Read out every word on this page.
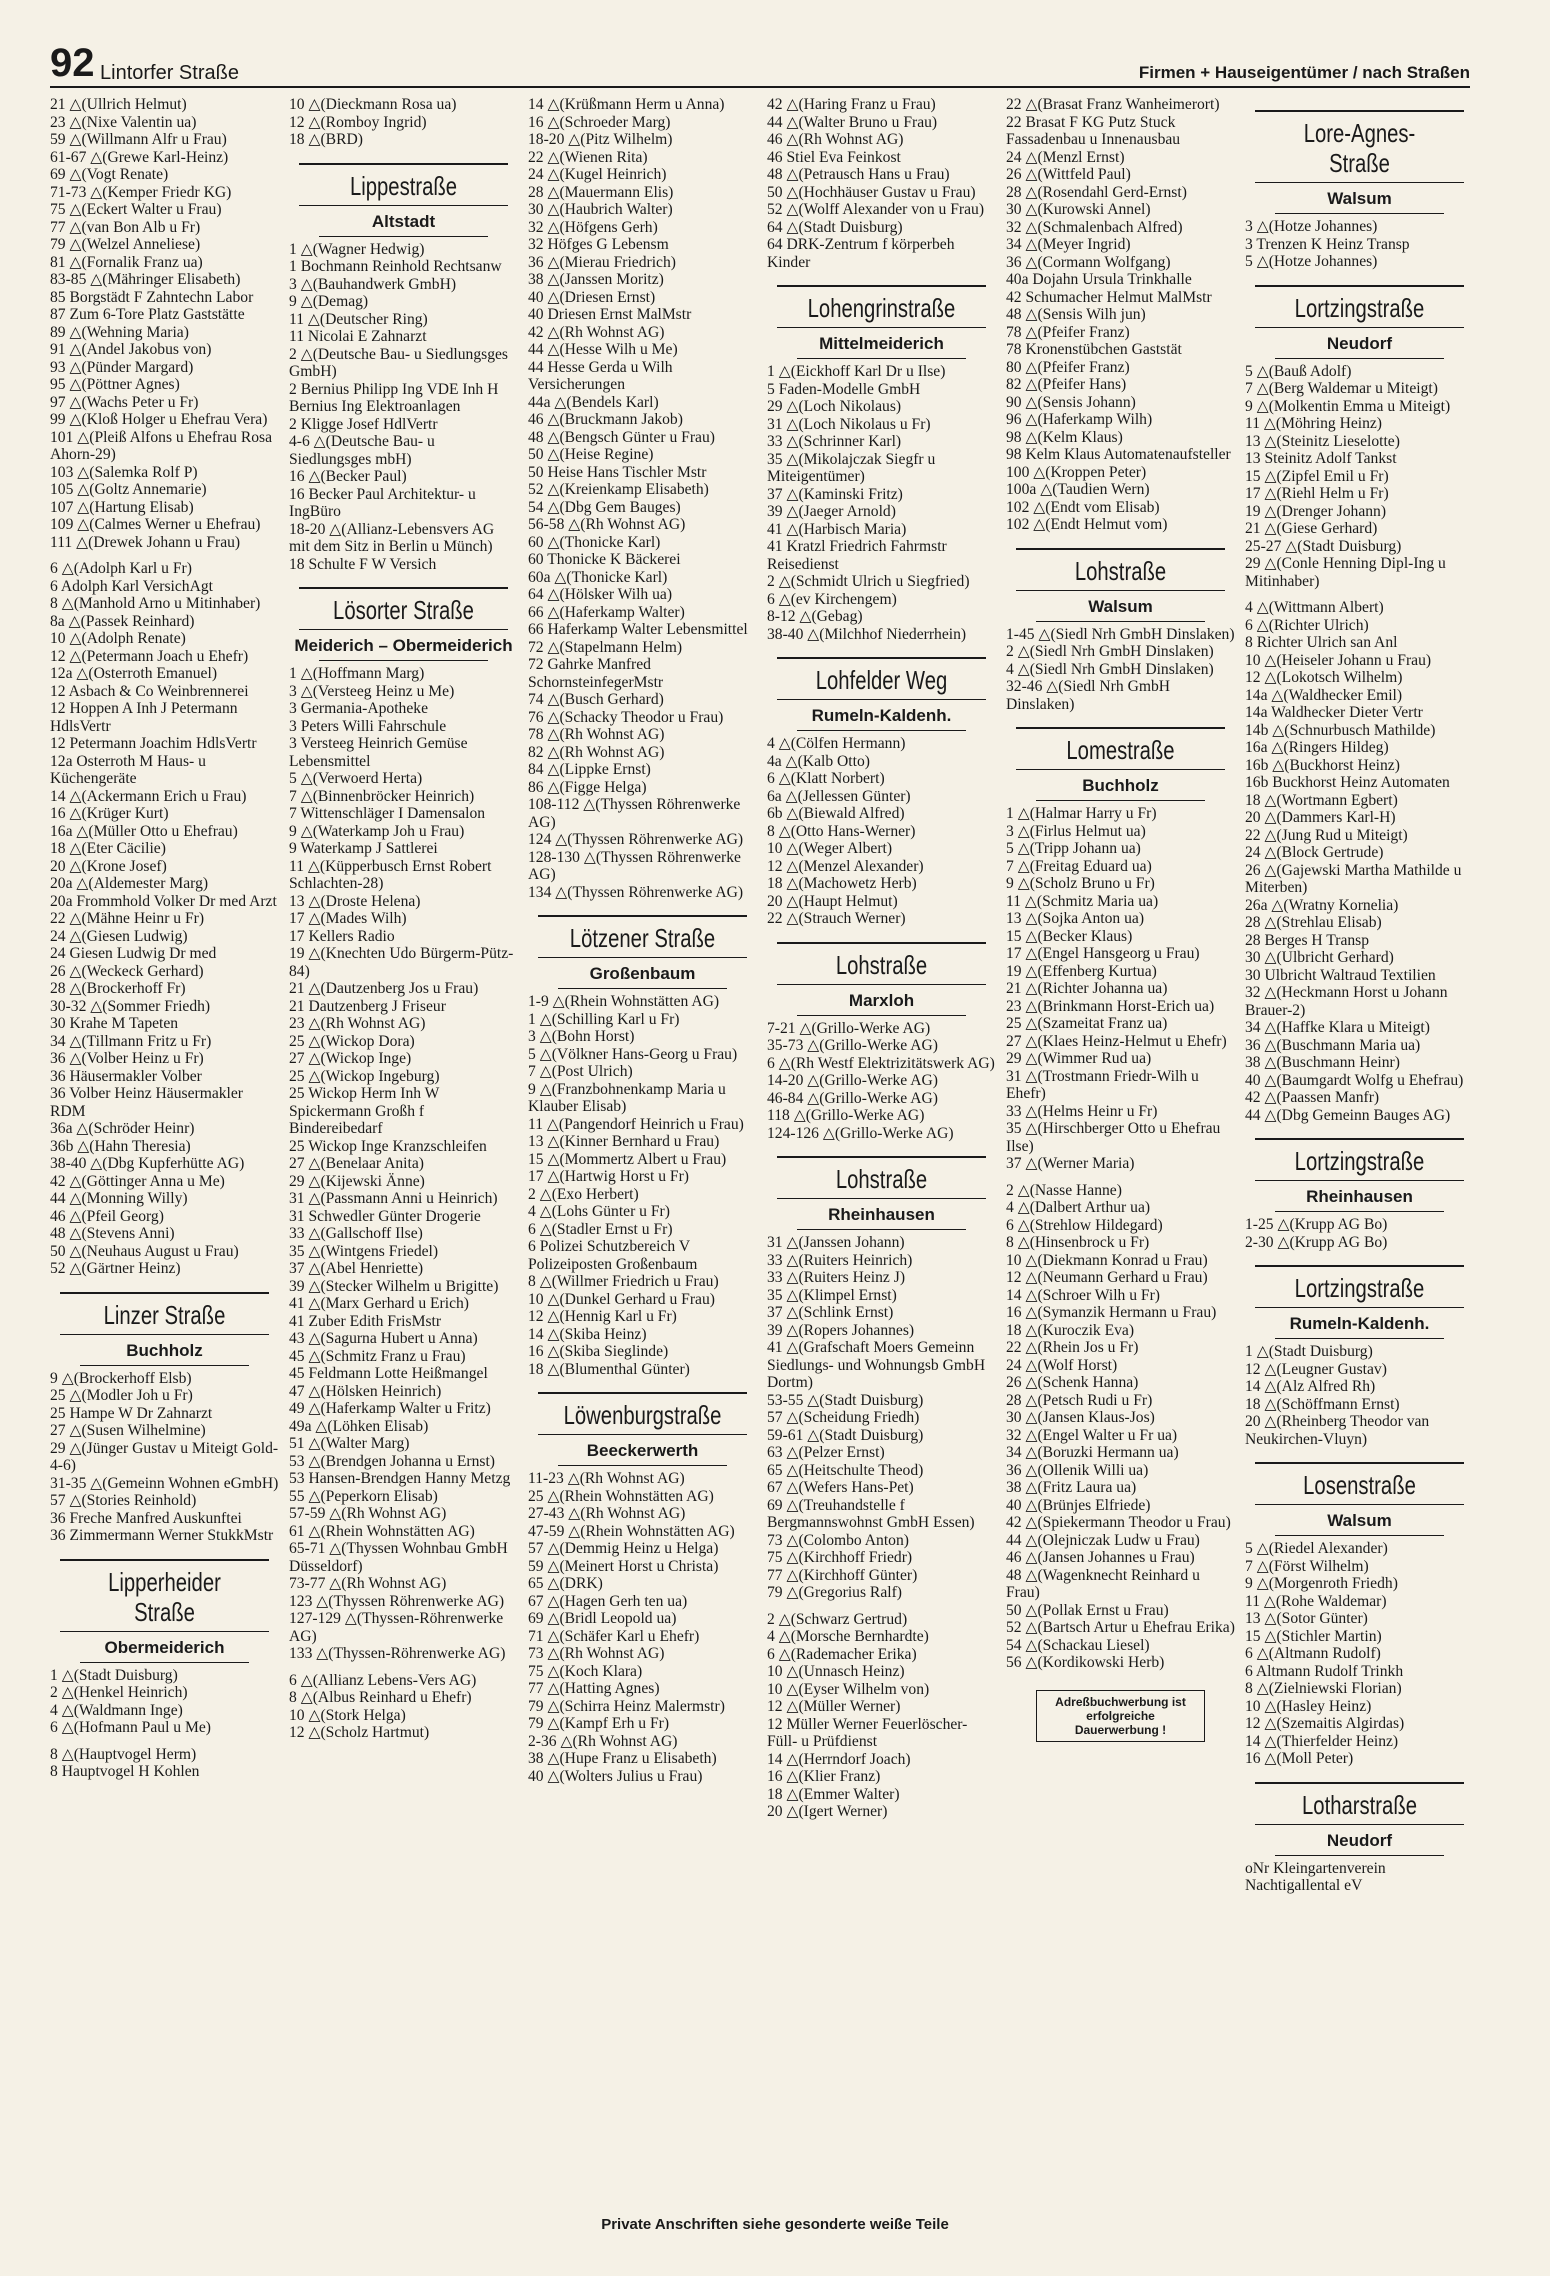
92 Lintorfer Straße	Firmen + Hauseigentümer / nach Straßen
21 △(Ullrich Helmut)
23 △(Nixe Valentin ua)
59 △(Willmann Alfr u Frau)
61-67 △(Grewe Karl-Heinz)
69 △(Vogt Renate)
71-73 △(Kemper Friedr KG)
75 △(Eckert Walter u Frau)
77 △(van Bon Alb u Fr)
79 △(Welzel Anneliese)
81 △(Fornalik Franz ua)
83-85 △(Mähringer Elisabeth)
85 Borgstädt F Zahntechn Labor
87 Zum 6-Tore Platz Gaststätte
89 △(Wehning Maria)
91 △(Andel Jakobus von)
93 △(Pünder Margard)
95 △(Pöttner Agnes)
97 △(Wachs Peter u Fr)
99 △(Kloß Holger u Ehefrau Vera)
101 △(Pleiß Alfons u Ehefrau Rosa Ahorn-29)
103 △(Salemka Rolf P)
105 △(Goltz Annemarie)
107 △(Hartung Elisab)
109 △(Calmes Werner u Ehefrau)
111 △(Drewek Johann u Frau)
6 △(Adolph Karl u Fr)
6 Adolph Karl VersichAgt
8 △(Manhold Arno u Mitinhaber)
8a △(Passek Reinhard)
10 △(Adolph Renate)
12 △(Petermann Joach u Ehefr)
12a △(Osterroth Emanuel)
12 Asbach & Co Weinbrennerei
12 Hoppen A Inh J Petermann HdlsVertr
12 Petermann Joachim HdlsVertr
12a Osterroth M Haus- u Küchengeräte
14 △(Ackermann Erich u Frau)
16 △(Krüger Kurt)
16a △(Müller Otto u Ehefrau)
18 △(Eter Cäcilie)
20 △(Krone Josef)
20a △(Aldemester Marg)
20a Frommhold Volker Dr med Arzt
22 △(Mähne Heinr u Fr)
24 △(Giesen Ludwig)
24 Giesen Ludwig Dr med
26 △(Weckeck Gerhard)
28 △(Brockerhoff Fr)
30-32 △(Sommer Friedh)
30 Krahe M Tapeten
34 △(Tillmann Fritz u Fr)
36 △(Volber Heinz u Fr)
36 Häusermakler Volber
36 Volber Heinz Häusermakler RDM
36a △(Schröder Heinr)
36b △(Hahn Theresia)
38-40 △(Dbg Kupferhütte AG)
42 △(Göttinger Anna u Me)
44 △(Monning Willy)
46 △(Pfeil Georg)
48 △(Stevens Anni)
50 △(Neuhaus August u Frau)
52 △(Gärtner Heinz)
Linzer Straße
Buchholz
9 △(Brockerhoff Elsb)
25 △(Modler Joh u Fr)
25 Hampe W Dr Zahnarzt
27 △(Susen Wilhelmine)
29 △(Jünger Gustav u Miteigt Gold-4-6)
31-35 △(Gemeinn Wohnen eGmbH)
57 △(Stories Reinhold)
36 Freche Manfred Auskunftei
36 Zimmermann Werner StukkMstr
Lipperheider Straße
Obermeiderich
1 △(Stadt Duisburg)
2 △(Henkel Heinrich)
4 △(Waldmann Inge)
6 △(Hofmann Paul u Me)
8 △(Hauptvogel Herm)
8 Hauptvogel H Kohlen
10 △(Dieckmann Rosa ua)
12 △(Romboy Ingrid)
18 △(BRD)
Lippestraße
Altstadt
1 △(Wagner Hedwig)
1 Bochmann Reinhold Rechtsanw
3 △(Bauhandwerk GmbH)
9 △(Demag)
11 △(Deutscher Ring)
11 Nicolai E Zahnarzt
2 △(Deutsche Bau- u Siedlungsges GmbH)
2 Bernius Philipp Ing VDE Inh H Bernius Ing Elektroanlagen
2 Kligge Josef HdlVertr
4-6 △(Deutsche Bau- u Siedlungsges mbH)
16 △(Becker Paul)
16 Becker Paul Architektur- u IngBüro
18-20 △(Allianz-Lebensvers AG mit dem Sitz in Berlin u Münch)
18 Schulte F W Versich
Lösorter Straße
Meiderich – Obermeiderich
1 △(Hoffmann Marg)
3 △(Versteeg Heinz u Me)
3 Germania-Apotheke
3 Peters Willi Fahrschule
3 Versteeg Heinrich Gemüse Lebensmittel
5 △(Verwoerd Herta)
7 △(Binnenbröcker Heinrich)
7 Wittenschläger I Damensalon
9 △(Waterkamp Joh u Frau)
9 Waterkamp J Sattlerei
11 △(Küpperbusch Ernst Robert Schlachten-28)
13 △(Droste Helena)
17 △(Mades Wilh)
17 Kellers Radio
19 △(Knechten Udo Bürgerm-Pütz-84)
21 △(Dautzenberg Jos u Frau)
21 Dautzenberg J Friseur
23 △(Rh Wohnst AG)
25 △(Wickop Dora)
27 △(Wickop Inge)
25 △(Wickop Ingeburg)
25 Wickop Herm Inh W Spickermann Großh f Bindereibedarf
25 Wickop Inge Kranzschleifen
27 △(Benelaar Anita)
29 △(Kijewski Änne)
31 △(Passmann Anni u Heinrich)
31 Schwedler Günter Drogerie
33 △(Gallschoff Ilse)
35 △(Wintgens Friedel)
37 △(Abel Henriette)
39 △(Stecker Wilhelm u Brigitte)
41 △(Marx Gerhard u Erich)
41 Zuber Edith FrisMstr
43 △(Sagurna Hubert u Anna)
45 △(Schmitz Franz u Frau)
45 Feldmann Lotte Heißmangel
47 △(Hölsken Heinrich)
49 △(Haferkamp Walter u Fritz)
49a △(Löhken Elisab)
51 △(Walter Marg)
53 △(Brendgen Johanna u Ernst)
53 Hansen-Brendgen Hanny Metzg
55 △(Peperkorn Elisab)
57-59 △(Rh Wohnst AG)
61 △(Rhein Wohnstätten AG)
65-71 △(Thyssen Wohnbau GmbH Düsseldorf)
73-77 △(Rh Wohnst AG)
123 △(Thyssen Röhrenwerke AG)
127-129 △(Thyssen-Röhrenwerke AG)
133 △(Thyssen-Röhrenwerke AG)
6 △(Allianz Lebens-Vers AG)
8 △(Albus Reinhard u Ehefr)
10 △(Stork Helga)
12 △(Scholz Hartmut)
14 △(Krüßmann Herm u Anna)
16 △(Schroeder Marg)
18-20 △(Pitz Wilhelm)
22 △(Wienen Rita)
24 △(Kugel Heinrich)
28 △(Mauermann Elis)
30 △(Haubrich Walter)
32 △(Höfgens Gerh)
32 Höfges G Lebensm
36 △(Mierau Friedrich)
38 △(Janssen Moritz)
40 △(Driesen Ernst)
40 Driesen Ernst MalMstr
42 △(Rh Wohnst AG)
44 △(Hesse Wilh u Me)
44 Hesse Gerda u Wilh Versicherungen
44a △(Bendels Karl)
46 △(Bruckmann Jakob)
48 △(Bengsch Günter u Frau)
50 △(Heise Regine)
50 Heise Hans Tischler Mstr
52 △(Kreienkamp Elisabeth)
54 △(Dbg Gem Bauges)
56-58 △(Rh Wohnst AG)
60 △(Thonicke Karl)
60 Thonicke K Bäckerei
60a △(Thonicke Karl)
64 △(Hölsker Wilh ua)
66 △(Haferkamp Walter)
66 Haferkamp Walter Lebensmittel
72 △(Stapelmann Helm)
72 Gahrke Manfred SchornsteinfegerMstr
74 △(Busch Gerhard)
76 △(Schacky Theodor u Frau)
78 △(Rh Wohnst AG)
82 △(Rh Wohnst AG)
84 △(Lippke Ernst)
86 △(Figge Helga)
108-112 △(Thyssen Röhrenwerke AG)
124 △(Thyssen Röhrenwerke AG)
128-130 △(Thyssen Röhrenwerke AG)
134 △(Thyssen Röhrenwerke AG)
Lötzener Straße
Großenbaum
1-9 △(Rhein Wohnstätten AG)
1 △(Schilling Karl u Fr)
3 △(Bohn Horst)
5 △(Völkner Hans-Georg u Frau)
7 △(Post Ulrich)
9 △(Franzbohnenkamp Maria u Klauber Elisab)
11 △(Pangendorf Heinrich u Frau)
13 △(Kinner Bernhard u Frau)
15 △(Mommertz Albert u Frau)
17 △(Hartwig Horst u Fr)
2 △(Exo Herbert)
4 △(Lohs Günter u Fr)
6 △(Stadler Ernst u Fr)
6 Polizei Schutzbereich V Polizeiposten Großenbaum
8 △(Willmer Friedrich u Frau)
10 △(Dunkel Gerhard u Frau)
12 △(Hennig Karl u Fr)
14 △(Skiba Heinz)
16 △(Skiba Sieglinde)
18 △(Blumenthal Günter)
Löwenburgstraße
Beeckerwerth
11-23 △(Rh Wohnst AG)
25 △(Rhein Wohnstätten AG)
27-43 △(Rh Wohnst AG)
47-59 △(Rhein Wohnstätten AG)
57 △(Demmig Heinz u Helga)
59 △(Meinert Horst u Christa)
65 △(DRK)
67 △(Hagen Gerh ten ua)
69 △(Bridl Leopold ua)
71 △(Schäfer Karl u Ehefr)
73 △(Rh Wohnst AG)
75 △(Koch Klara)
77 △(Hatting Agnes)
79 △(Schirra Heinz Malermstr)
79 △(Kampf Erh u Fr)
2-36 △(Rh Wohnst AG)
38 △(Hupe Franz u Elisabeth)
40 △(Wolters Julius u Frau)
42 △(Haring Franz u Frau)
44 △(Walter Bruno u Frau)
46 △(Rh Wohnst AG)
46 Stiel Eva Feinkost
48 △(Petrausch Hans u Frau)
50 △(Hochhäuser Gustav u Frau)
52 △(Wolff Alexander von u Frau)
64 △(Stadt Duisburg)
64 DRK-Zentrum f körperbeh Kinder
Lohengrinstraße
Mittelmeiderich
1 △(Eickhoff Karl Dr u Ilse)
5 Faden-Modelle GmbH
29 △(Loch Nikolaus)
31 △(Loch Nikolaus u Fr)
33 △(Schrinner Karl)
35 △(Mikolajczak Siegfr u Miteigentümer)
37 △(Kaminski Fritz)
39 △(Jaeger Arnold)
41 △(Harbisch Maria)
41 Kratzl Friedrich Fahrmstr Reisedienst
2 △(Schmidt Ulrich u Siegfried)
6 △(ev Kirchengem)
8-12 △(Gebag)
38-40 △(Milchhof Niederrhein)
Lohfelder Weg
Rumeln-Kaldenh.
4 △(Cölfen Hermann)
4a △(Kalb Otto)
6 △(Klatt Norbert)
6a △(Jellessen Günter)
6b △(Biewald Alfred)
8 △(Otto Hans-Werner)
10 △(Weger Albert)
12 △(Menzel Alexander)
18 △(Machowetz Herb)
20 △(Haupt Helmut)
22 △(Strauch Werner)
Lohstraße
Marxloh
7-21 △(Grillo-Werke AG)
35-73 △(Grillo-Werke AG)
6 △(Rh Westf Elektrizitätswerk AG)
14-20 △(Grillo-Werke AG)
46-84 △(Grillo-Werke AG)
118 △(Grillo-Werke AG)
124-126 △(Grillo-Werke AG)
Lohstraße
Rheinhausen
31 △(Janssen Johann)
33 △(Ruiters Heinrich)
33 △(Ruiters Heinz J)
35 △(Klimpel Ernst)
37 △(Schlink Ernst)
39 △(Ropers Johannes)
41 △(Grafschaft Moers Gemeinn Siedlungs- und Wohnungsb GmbH Dortm)
53-55 △(Stadt Duisburg)
57 △(Scheidung Friedh)
59-61 △(Stadt Duisburg)
63 △(Pelzer Ernst)
65 △(Heitschulte Theod)
67 △(Wefers Hans-Pet)
69 △(Treuhandstelle f Bergmannswohnst GmbH Essen)
73 △(Colombo Anton)
75 △(Kirchhoff Friedr)
77 △(Kirchhoff Günter)
79 △(Gregorius Ralf)
2 △(Schwarz Gertrud)
4 △(Morsche Bernhardte)
6 △(Rademacher Erika)
10 △(Unnasch Heinz)
10 △(Eyser Wilhelm von)
12 △(Müller Werner)
12 Müller Werner Feuerlöscher- Füll- u Prüfdienst
14 △(Herrndorf Joach)
16 △(Klier Franz)
18 △(Emmer Walter)
20 △(Igert Werner)
22 △(Brasat Franz Wanheimerort)
22 Brasat F KG Putz Stuck Fassadenbau u Innenausbau
24 △(Menzl Ernst)
26 △(Wittfeld Paul)
28 △(Rosendahl Gerd-Ernst)
30 △(Kurowski Annel)
32 △(Schmalenbach Alfred)
34 △(Meyer Ingrid)
36 △(Cormann Wolfgang)
40a Dojahn Ursula Trinkhalle
42 Schumacher Helmut MalMstr
48 △(Sensis Wilh jun)
78 △(Pfeifer Franz)
78 Kronenstübchen Gaststät
80 △(Pfeifer Franz)
82 △(Pfeifer Hans)
90 △(Sensis Johann)
96 △(Haferkamp Wilh)
98 △(Kelm Klaus)
98 Kelm Klaus Automatenaufsteller
100 △(Kroppen Peter)
100a △(Taudien Wern)
102 △(Endt vom Elisab)
102 △(Endt Helmut vom)
Lohstraße
Walsum
1-45 △(Siedl Nrh GmbH Dinslaken)
2 △(Siedl Nrh GmbH Dinslaken)
4 △(Siedl Nrh GmbH Dinslaken)
32-46 △(Siedl Nrh GmbH Dinslaken)
Lomestraße
Buchholz
1 △(Halmar Harry u Fr)
3 △(Firlus Helmut ua)
5 △(Tripp Johann ua)
7 △(Freitag Eduard ua)
9 △(Scholz Bruno u Fr)
11 △(Schmitz Maria ua)
13 △(Sojka Anton ua)
15 △(Becker Klaus)
17 △(Engel Hansgeorg u Frau)
19 △(Effenberg Kurtua)
21 △(Richter Johanna ua)
23 △(Brinkmann Horst-Erich ua)
25 △(Szameitat Franz ua)
27 △(Klaes Heinz-Helmut u Ehefr)
29 △(Wimmer Rud ua)
31 △(Trostmann Friedr-Wilh u Ehefr)
33 △(Helms Heinr u Fr)
35 △(Hirschberger Otto u Ehefrau Ilse)
37 △(Werner Maria)
2 △(Nasse Hanne)
4 △(Dalbert Arthur ua)
6 △(Strehlow Hildegard)
8 △(Hinsenbrock u Fr)
10 △(Diekmann Konrad u Frau)
12 △(Neumann Gerhard u Frau)
14 △(Schroer Wilh u Fr)
16 △(Symanzik Hermann u Frau)
18 △(Kuroczik Eva)
22 △(Rhein Jos u Fr)
24 △(Wolf Horst)
26 △(Schenk Hanna)
28 △(Petsch Rudi u Fr)
30 △(Jansen Klaus-Jos)
32 △(Engel Walter u Fr ua)
34 △(Boruzki Hermann ua)
36 △(Ollenik Willi ua)
38 △(Fritz Laura ua)
40 △(Brünjes Elfriede)
42 △(Spiekermann Theodor u Frau)
44 △(Olejniczak Ludw u Frau)
46 △(Jansen Johannes u Frau)
48 △(Wagenknecht Reinhard u Frau)
50 △(Pollak Ernst u Frau)
52 △(Bartsch Artur u Ehefrau Erika)
54 △(Schackau Liesel)
56 △(Kordikowski Herb)
Adreßbuchwerbung ist erfolgreiche Dauerwerbung !
Lore-Agnes-Straße
Walsum
3 △(Hotze Johannes)
3 Trenzen K Heinz Transp
5 △(Hotze Johannes)
Lortzingstraße
Neudorf
5 △(Bauß Adolf)
7 △(Berg Waldemar u Miteigt)
9 △(Molkentin Emma u Miteigt)
11 △(Möhring Heinz)
13 △(Steinitz Lieselotte)
13 Steinitz Adolf Tankst
15 △(Zipfel Emil u Fr)
17 △(Riehl Helm u Fr)
19 △(Drenger Johann)
21 △(Giese Gerhard)
25-27 △(Stadt Duisburg)
29 △(Conle Henning Dipl-Ing u Mitinhaber)
4 △(Wittmann Albert)
6 △(Richter Ulrich)
8 Richter Ulrich san Anl
10 △(Heiseler Johann u Frau)
12 △(Lokotsch Wilhelm)
14a △(Waldhecker Emil)
14a Waldhecker Dieter Vertr
14b △(Schnurbusch Mathilde)
16a △(Ringers Hildeg)
16b △(Buckhorst Heinz)
16b Buckhorst Heinz Automaten
18 △(Wortmann Egbert)
20 △(Dammers Karl-H)
22 △(Jung Rud u Miteigt)
24 △(Block Gertrude)
26 △(Gajewski Martha Mathilde u Miterben)
26a △(Wratny Kornelia)
28 △(Strehlau Elisab)
28 Berges H Transp
30 △(Ulbricht Gerhard)
30 Ulbricht Waltraud Textilien
32 △(Heckmann Horst u Johann Brauer-2)
34 △(Haffke Klara u Miteigt)
36 △(Buschmann Maria ua)
38 △(Buschmann Heinr)
40 △(Baumgardt Wolfg u Ehefrau)
42 △(Paassen Manfr)
44 △(Dbg Gemeinn Bauges AG)
Lortzingstraße
Rheinhausen
1-25 △(Krupp AG Bo)
2-30 △(Krupp AG Bo)
Lortzingstraße
Rumeln-Kaldenh.
1 △(Stadt Duisburg)
12 △(Leugner Gustav)
14 △(Alz Alfred Rh)
18 △(Schöffmann Ernst)
20 △(Rheinberg Theodor van Neukirchen-Vluyn)
Losenstraße
Walsum
5 △(Riedel Alexander)
7 △(Först Wilhelm)
9 △(Morgenroth Friedh)
11 △(Rohe Waldemar)
13 △(Sotor Günter)
15 △(Stichler Martin)
6 △(Altmann Rudolf)
6 Altmann Rudolf Trinkh
8 △(Zielniewski Florian)
10 △(Hasley Heinz)
12 △(Szemaitis Algirdas)
14 △(Thierfelder Heinz)
16 △(Moll Peter)
Lotharstraße
Neudorf
oNr Kleingartenverein Nachtigallental eV
Private Anschriften siehe gesonderte weiße Teile
